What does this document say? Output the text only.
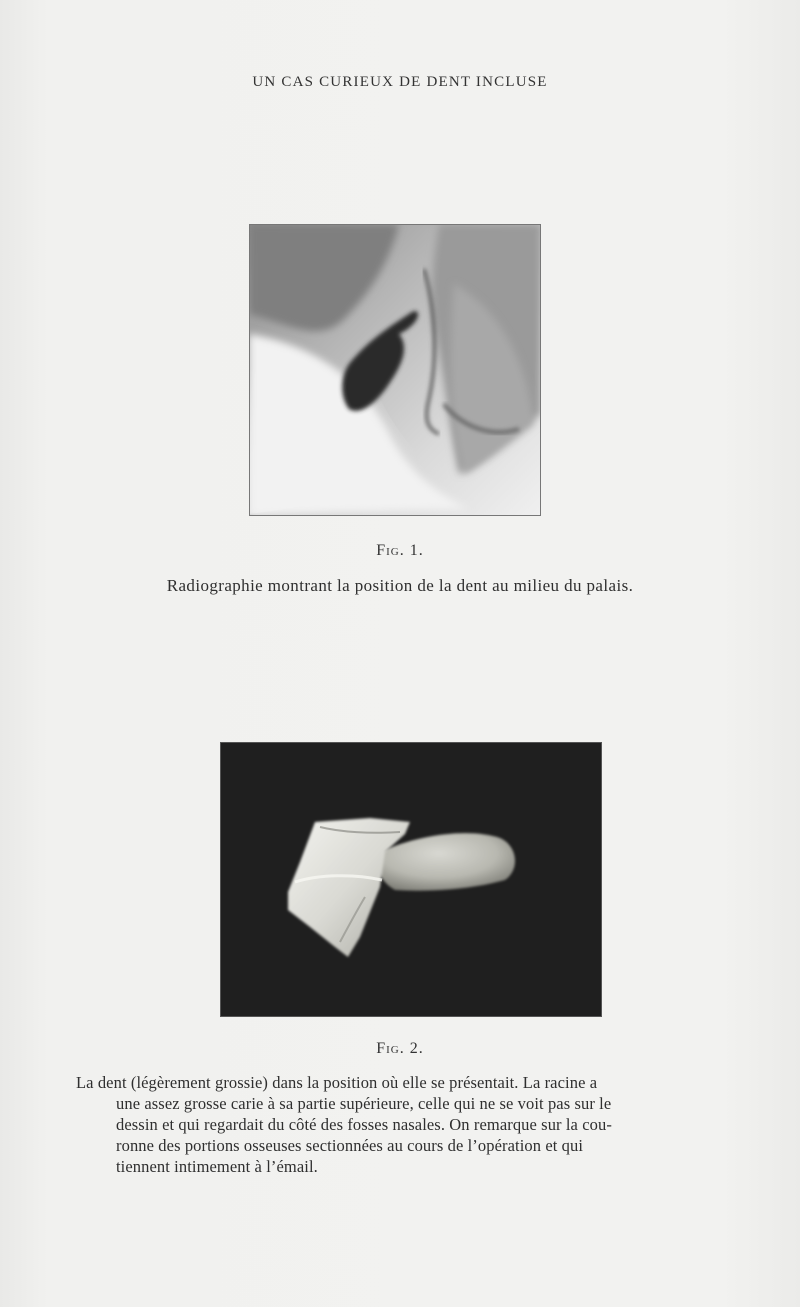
UN CAS CURIEUX DE DENT INCLUSE
Fig. 1.
Radiographie montrant la position de la dent au milieu du palais.
Fig. 2.
La dent (légèrement grossie) dans la position où elle se présentait. La racine a
une assez grosse carie à sa partie supérieure, celle qui ne se voit pas sur le
dessin et qui regardait du côté des fosses nasales. On remarque sur la cou-
ronne des portions osseuses sectionnées au cours de l’opération et qui
tiennent intimement à l’émail.
